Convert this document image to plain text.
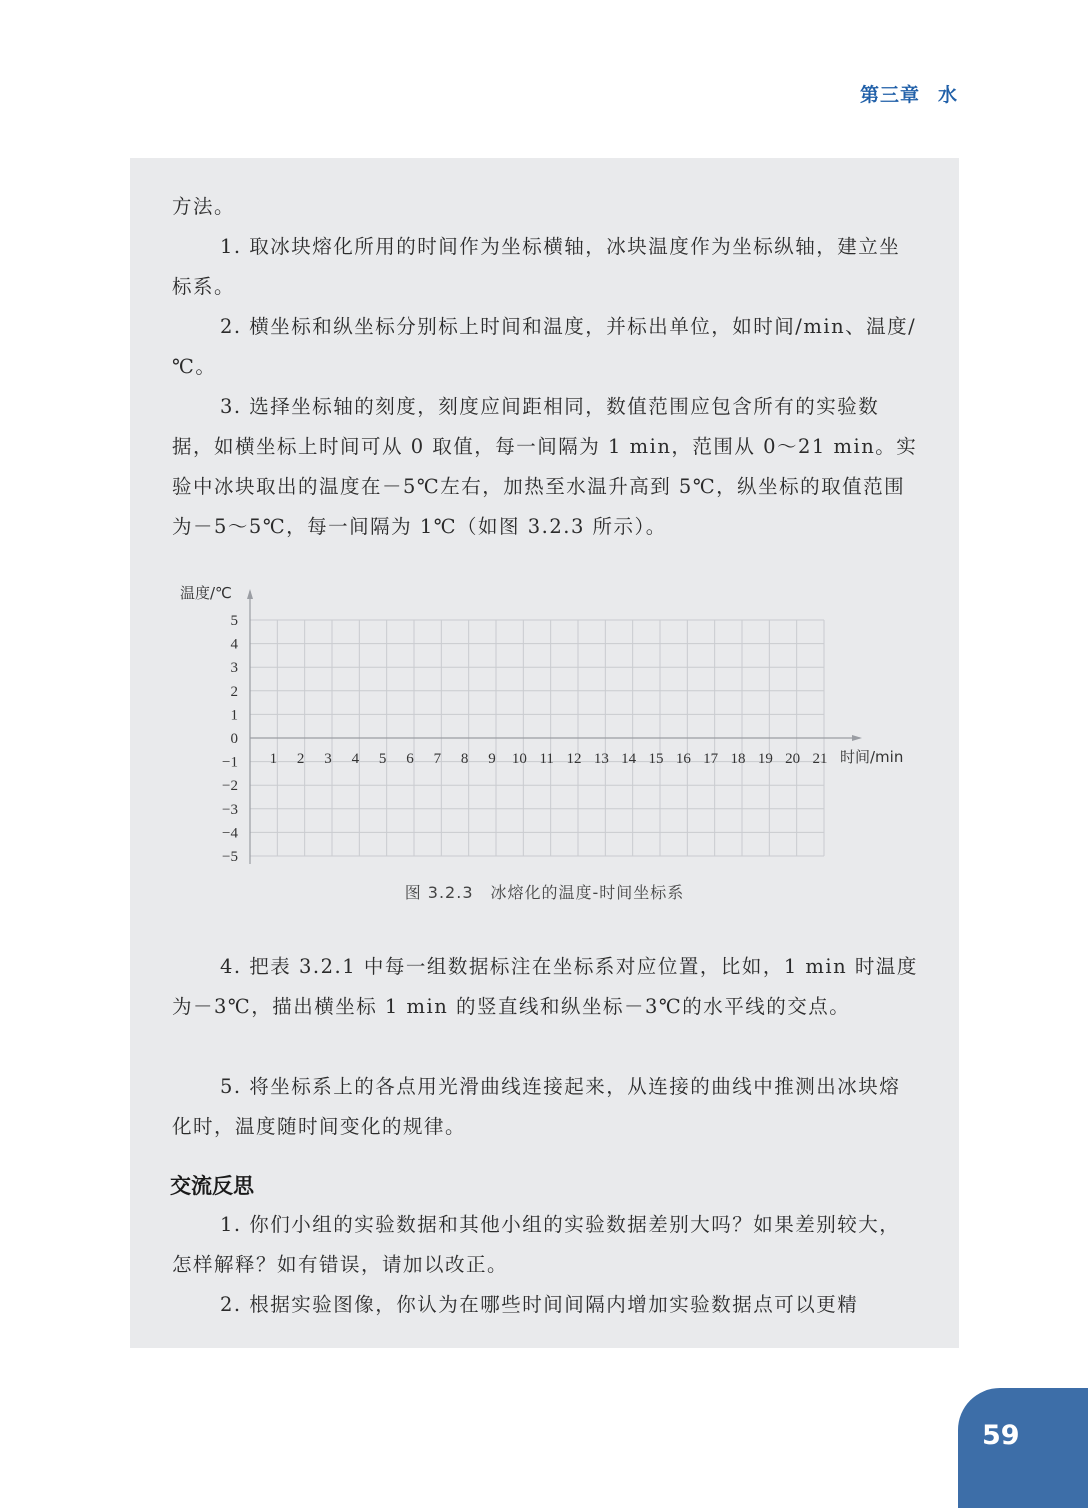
第三章 水

方法。

1. 取冰块熔化所用的时间作为坐标横轴，冰块温度作为坐标纵轴，建立坐标系。

2. 横坐标和纵坐标分别标上时间和温度，并标出单位，如时间/min、温度/℃。

3. 选择坐标轴的刻度，刻度应间距相同，数值范围应包含所有的实验数据，如横坐标上时间可从 0 取值，每一间隔为 1 min，范围从 0～21 min。实验中冰块取出的温度在－5℃左右，加热至水温升高到 5℃，纵坐标的取值范围为－5～5℃，每一间隔为 1℃（如图 3.2.3 所示）。

5
4
3
2
1
0
−1
−2
−3
−4
−5
1 2 3 4 5 6 7 8 9 10 11 12 13 14 15 16 17 18 19 20 21
温度/℃
时间/min
图 3.2.3　冰熔化的温度-时间坐标系

4. 把表 3.2.1 中每一组数据标注在坐标系对应位置，比如，1 min 时温度为－3℃，描出横坐标 1 min 的竖直线和纵坐标－3℃的水平线的交点。

5. 将坐标系上的各点用光滑曲线连接起来，从连接的曲线中推测出冰块熔化时，温度随时间变化的规律。

交流反思

1. 你们小组的实验数据和其他小组的实验数据差别大吗？如果差别较大，怎样解释？如有错误，请加以改正。

2. 根据实验图像，你认为在哪些时间间隔内增加实验数据点可以更精

59
